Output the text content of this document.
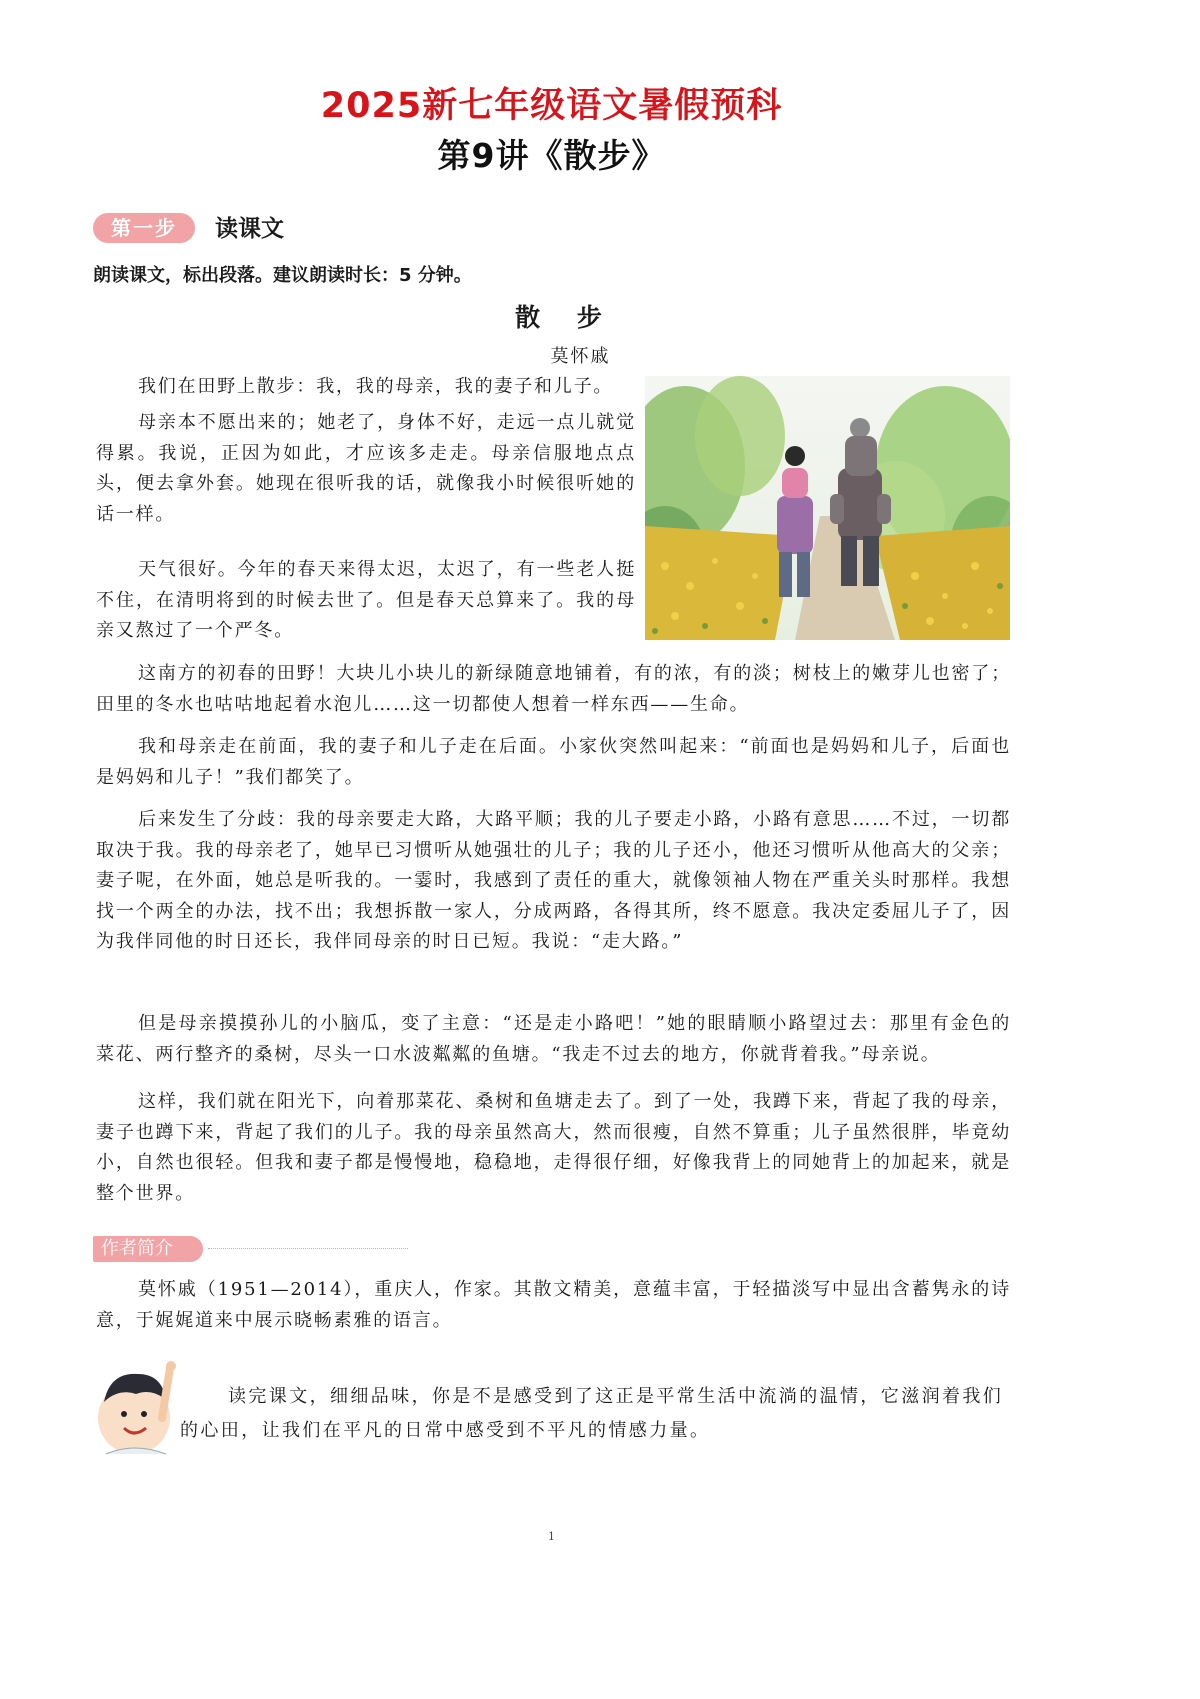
2025新七年级语文暑假预科
第9讲《散步》
第一步	读课文
朗读课文，标出段落。建议朗读时长：5 分钟。
散 步
莫怀戚
我们在田野上散步：我，我的母亲，我的妻子和儿子。
母亲本不愿出来的；她老了，身体不好，走远一点儿就觉得累。我说，正因为如此，才应该多走走。母亲信服地点点头，便去拿外套。她现在很听我的话，就像我小时候很听她的话一样。
天气很好。今年的春天来得太迟，太迟了，有一些老人挺不住，在清明将到的时候去世了。但是春天总算来了。我的母亲又熬过了一个严冬。
这南方的初春的田野！大块儿小块儿的新绿随意地铺着，有的浓，有的淡；树枝上的嫩芽儿也密了；田里的冬水也咕咕地起着水泡儿……这一切都使人想着一样东西——生命。
我和母亲走在前面，我的妻子和儿子走在后面。小家伙突然叫起来：“前面也是妈妈和儿子，后面也是妈妈和儿子！”我们都笑了。
后来发生了分歧：我的母亲要走大路，大路平顺；我的儿子要走小路，小路有意思……不过，一切都取决于我。我的母亲老了，她早已习惯听从她强壮的儿子；我的儿子还小，他还习惯听从他高大的父亲；妻子呢，在外面，她总是听我的。一霎时，我感到了责任的重大，就像领袖人物在严重关头时那样。我想找一个两全的办法，找不出；我想拆散一家人，分成两路，各得其所，终不愿意。我决定委屈儿子了，因为我伴同他的时日还长，我伴同母亲的时日已短。我说：“走大路。”
但是母亲摸摸孙儿的小脑瓜，变了主意：“还是走小路吧！”她的眼睛顺小路望过去：那里有金色的菜花、两行整齐的桑树，尽头一口水波粼粼的鱼塘。“我走不过去的地方，你就背着我。”母亲说。
这样，我们就在阳光下，向着那菜花、桑树和鱼塘走去了。到了一处，我蹲下来，背起了我的母亲，妻子也蹲下来，背起了我们的儿子。我的母亲虽然高大，然而很瘦，自然不算重；儿子虽然很胖，毕竟幼小，自然也很轻。但我和妻子都是慢慢地，稳稳地，走得很仔细，好像我背上的同她背上的加起来，就是整个世界。
作者简介
莫怀戚（1951—2014），重庆人，作家。其散文精美，意蕴丰富，于轻描淡写中显出含蓄隽永的诗意，于娓娓道来中展示晓畅素雅的语言。
读完课文，细细品味，你是不是感受到了这正是平常生活中流淌的温情，它滋润着我们的心田，让我们在平凡的日常中感受到不平凡的情感力量。
1
